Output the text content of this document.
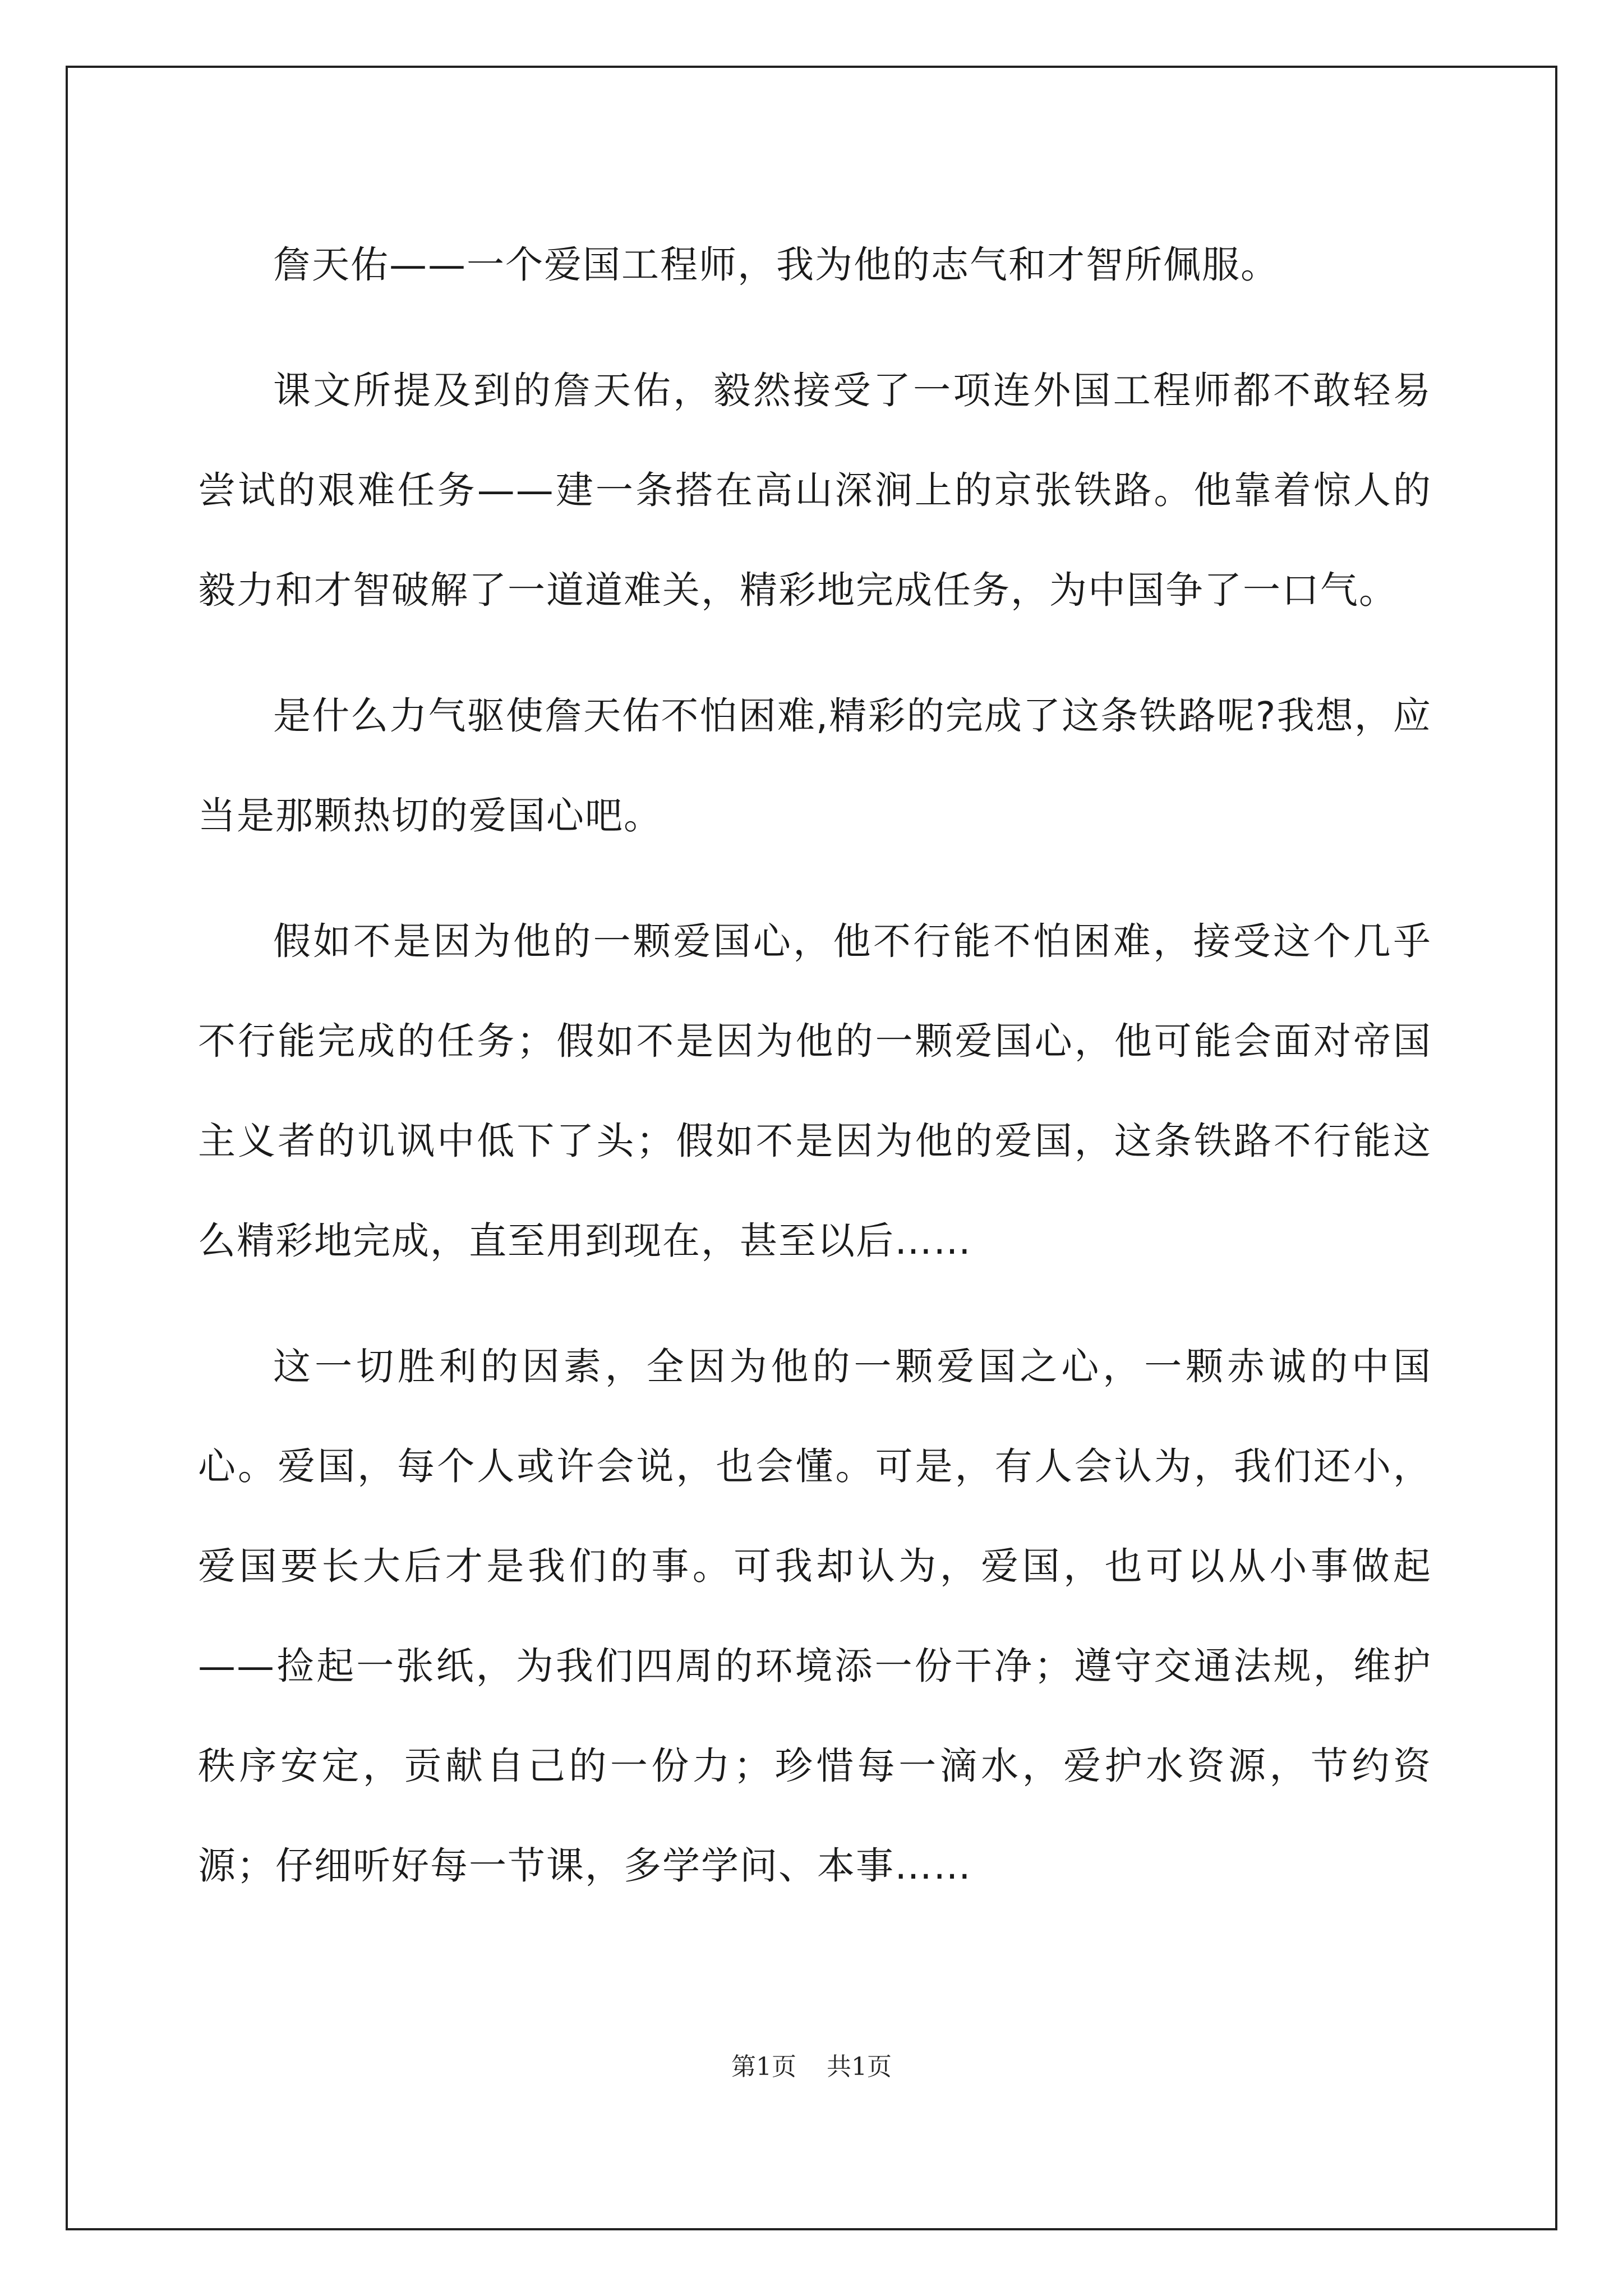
詹天佑——一个爱国工程师，我为他的志气和才智所佩服。

课文所提及到的詹天佑，毅然接受了一项连外国工程师都不敢轻易尝试的艰难任务——建一条搭在高山深涧上的京张铁路。他靠着惊人的毅力和才智破解了一道道难关，精彩地完成任务，为中国争了一口气。

是什么力气驱使詹天佑不怕困难,精彩的完成了这条铁路呢?我想，应当是那颗热切的爱国心吧。

假如不是因为他的一颗爱国心，他不行能不怕困难，接受这个几乎不行能完成的任务；假如不是因为他的一颗爱国心，他可能会面对帝国主义者的讥讽中低下了头；假如不是因为他的爱国，这条铁路不行能这么精彩地完成，直至用到现在，甚至以后……

这一切胜利的因素，全因为他的一颗爱国之心，一颗赤诚的中国心。爱国，每个人或许会说，也会懂。可是，有人会认为，我们还小，爱国要长大后才是我们的事。可我却认为，爱国，也可以从小事做起——捡起一张纸，为我们四周的环境添一份干净；遵守交通法规，维护秩序安定，贡献自己的一份力；珍惜每一滴水，爱护水资源，节约资源；仔细听好每一节课，多学学问、本事……

第1页 共1页
